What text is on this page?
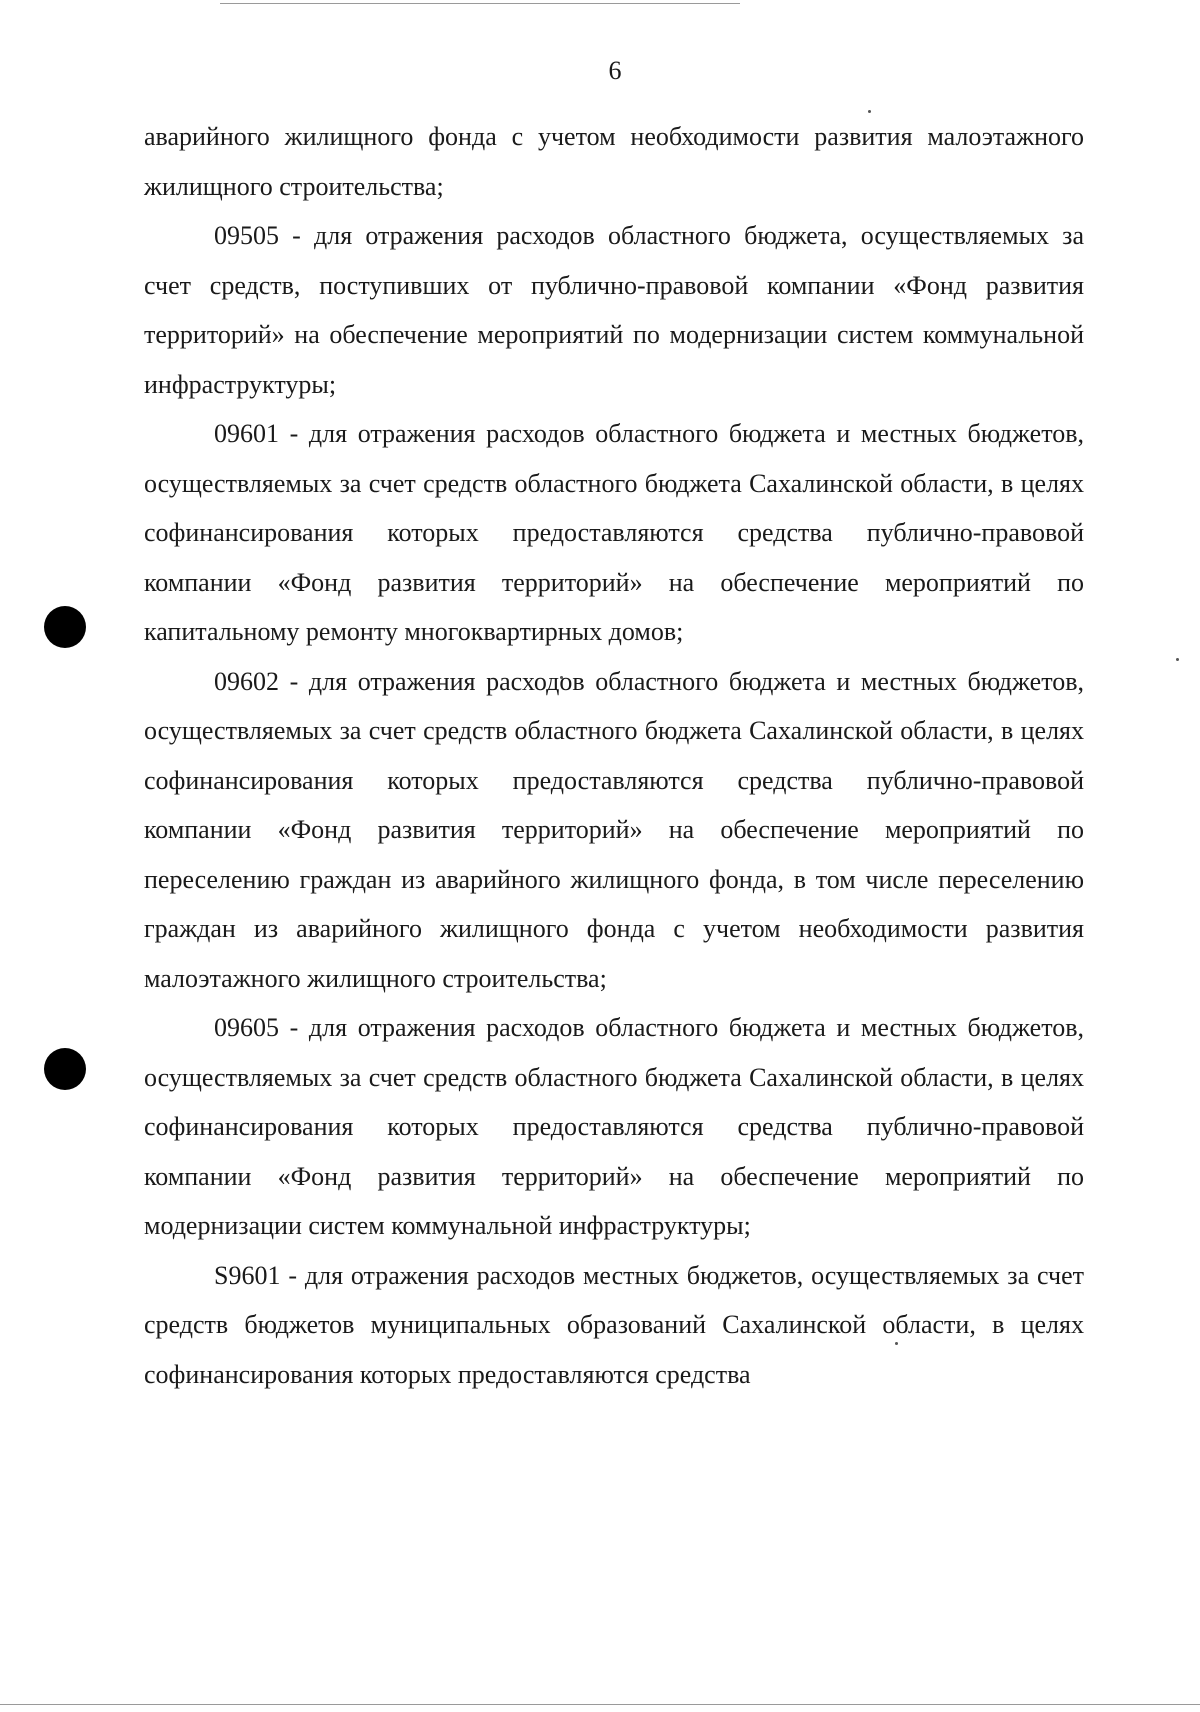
6

аварийного жилищного фонда с учетом необходимости развития малоэтажного жилищного строительства;

09505 - для отражения расходов областного бюджета, осуществляемых за счет средств, поступивших от публично-правовой компании «Фонд развития территорий» на обеспечение мероприятий по модернизации систем коммунальной инфраструктуры;

09601 - для отражения расходов областного бюджета и местных бюджетов, осуществляемых за счет средств областного бюджета Сахалинской области, в целях софинансирования которых предоставляются средства публично-правовой компании «Фонд развития территорий» на обеспечение мероприятий по капитальному ремонту многоквартирных домов;

09602 - для отражения расходов областного бюджета и местных бюджетов, осуществляемых за счет средств областного бюджета Сахалинской области, в целях софинансирования которых предоставляются средства публично-правовой компании «Фонд развития территорий» на обеспечение мероприятий по переселению граждан из аварийного жилищного фонда, в том числе переселению граждан из аварийного жилищного фонда с учетом необходимости развития малоэтажного жилищного строительства;

09605 - для отражения расходов областного бюджета и местных бюджетов, осуществляемых за счет средств областного бюджета Сахалинской области, в целях софинансирования которых предоставляются средства публично-правовой компании «Фонд развития территорий» на обеспечение мероприятий по модернизации систем коммунальной инфраструктуры;

S9601 - для отражения расходов местных бюджетов, осуществляемых за счет средств бюджетов муниципальных образований Сахалинской области, в целях софинансирования которых предоставляются средства
